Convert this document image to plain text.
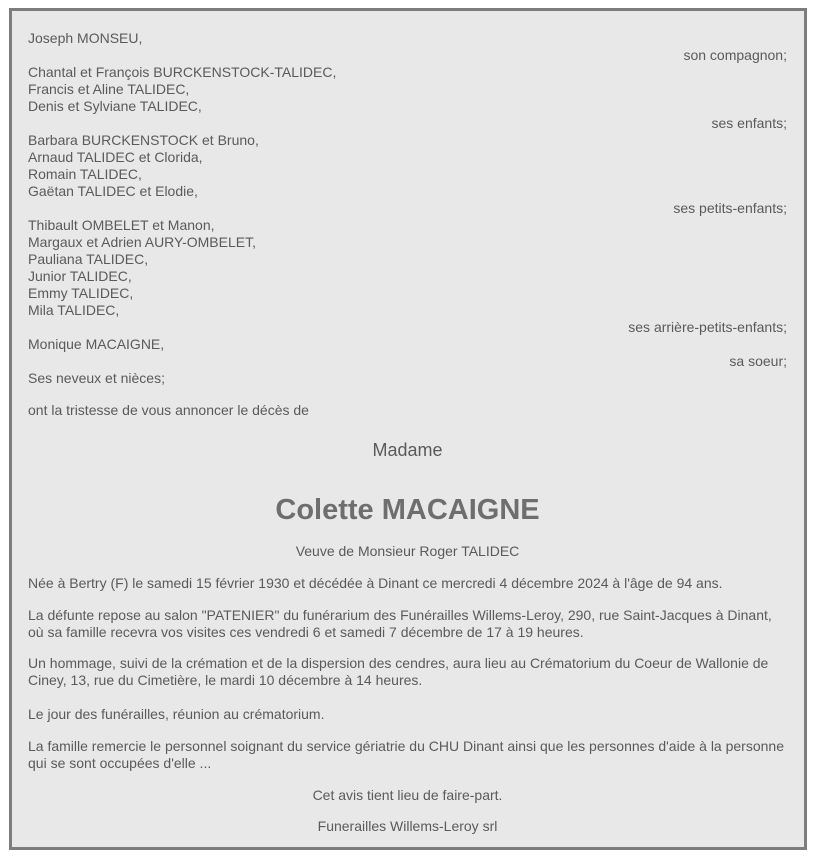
Joseph MONSEU,
son compagnon;
Chantal et François BURCKENSTOCK-TALIDEC,
Francis et Aline TALIDEC,
Denis et Sylviane TALIDEC,
ses enfants;
Barbara BURCKENSTOCK et Bruno,
Arnaud TALIDEC et Clorida,
Romain TALIDEC,
Gaëtan TALIDEC et Elodie,
ses petits-enfants;
Thibault OMBELET et Manon,
Margaux et Adrien AURY-OMBELET,
Pauliana TALIDEC,
Junior TALIDEC,
Emmy TALIDEC,
Mila TALIDEC,
ses arrière-petits-enfants;
Monique MACAIGNE,
sa soeur;
Ses neveux et nièces;
ont la tristesse de vous annoncer le décès de
Madame
Colette MACAIGNE
Veuve de Monsieur Roger TALIDEC
Née à Bertry (F) le samedi 15 février 1930 et décédée à Dinant ce mercredi 4 décembre 2024 à l'âge de 94 ans.
La défunte repose au salon "PATENIER" du funérarium des Funérailles Willems-Leroy, 290, rue Saint-Jacques à Dinant, où sa famille recevra vos visites ces vendredi 6 et samedi 7 décembre de 17 à 19 heures.
Un hommage, suivi de la crémation et de la dispersion des cendres, aura lieu au Crématorium du Coeur de Wallonie de Ciney, 13, rue du Cimetière, le mardi 10 décembre à 14 heures.
Le jour des funérailles, réunion au crématorium.
La famille remercie le personnel soignant du service gériatrie du CHU Dinant ainsi que les personnes d'aide à la personne qui se sont occupées d'elle ...
Cet avis tient lieu de faire-part.
Funerailles Willems-Leroy srl
